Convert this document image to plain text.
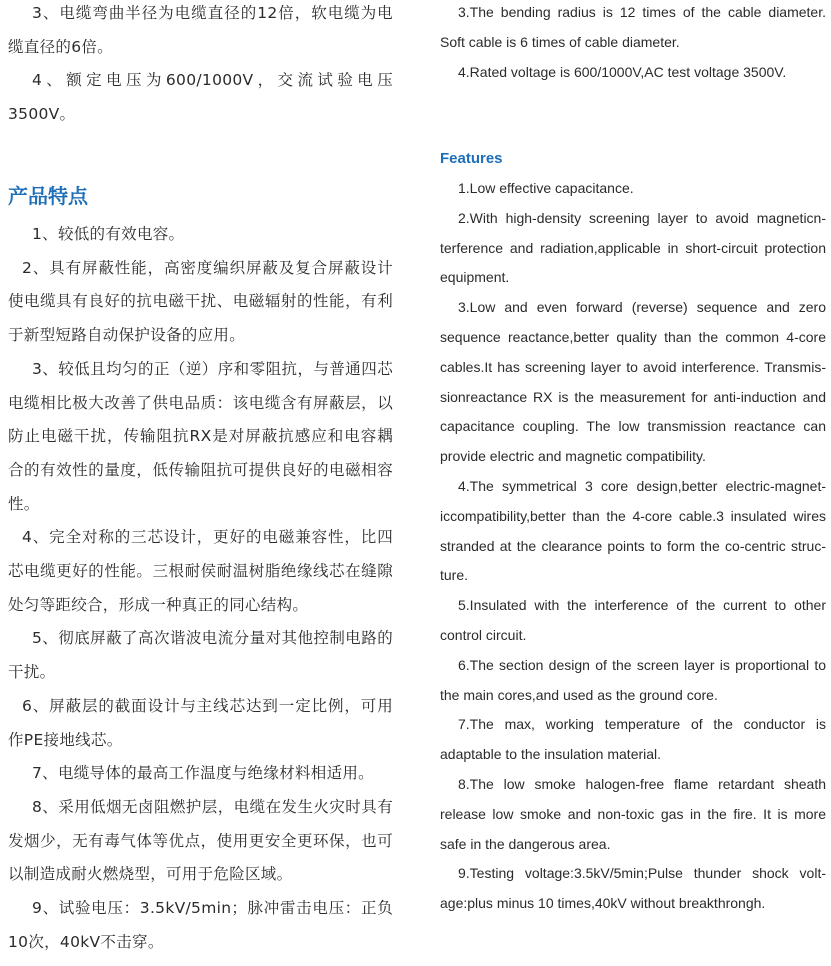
3、电缆弯曲半径为电缆直径的12倍，软电缆为电缆直径的6倍。

4、额定电压为600/1000V，交流试验电压3500V。

产品特点

1、较低的有效电容。

2、具有屏蔽性能，高密度编织屏蔽及复合屏蔽设计使电缆具有良好的抗电磁干扰、电磁辐射的性能，有利于新型短路自动保护设备的应用。

3、较低且均匀的正（逆）序和零阻抗，与普通四芯电缆相比极大改善了供电品质：该电缆含有屏蔽层，以防止电磁干扰，传输阻抗RX是对屏蔽抗感应和电容耦合的有效性的量度，低传输阻抗可提供良好的电磁相容性。

4、完全对称的三芯设计，更好的电磁兼容性，比四芯电缆更好的性能。三根耐侯耐温树脂绝缘线芯在缝隙处匀等距绞合，形成一种真正的同心结构。

5、彻底屏蔽了高次谐波电流分量对其他控制电路的干扰。

6、屏蔽层的截面设计与主线芯达到一定比例，可用作PE接地线芯。

7、电缆导体的最高工作温度与绝缘材料相适用。

8、采用低烟无卤阻燃护层，电缆在发生火灾时具有发烟少，无有毒气体等优点，使用更安全更环保，也可以制造成耐火燃烧型，可用于危险区域。

9、试验电压：3.5kV/5min；脉冲雷击电压：正负10次，40kV不击穿。

3.The bending radius is 12 times of the cable diameter. Soft cable is 6 times of cable diameter.

4.Rated voltage is 600/1000V,AC test voltage 3500V.

Features

1.Low effective capacitance.

2.With high-density screening layer to avoid magneticn-terference and radiation,applicable in short-circuit protection equipment.

3.Low and even forward (reverse) sequence and zero sequence reactance,better quality than the common 4-core cables.It has screening layer to avoid interference. Transmis-sionreactance RX is the measurement for anti-induction and capacitance coupling. The low transmission reactance can provide electric and magnetic compatibility.

4.The symmetrical 3 core design,better electric-magnet-iccompatibility,better than the 4-core cable.3 insulated wires stranded at the clearance points to form the co-centric struc-ture.

5.Insulated with the interference of the current to other control circuit.

6.The section design of the screen layer is proportional to the main cores,and used as the ground core.

7.The max, working temperature of the conductor is adaptable to the insulation material.

8.The low smoke halogen-free flame retardant sheath release low smoke and non-toxic gas in the fire. It is more safe in the dangerous area.

9.Testing voltage:3.5kV/5min;Pulse thunder shock volt-age:plus minus 10 times,40kV without breakthrongh.
